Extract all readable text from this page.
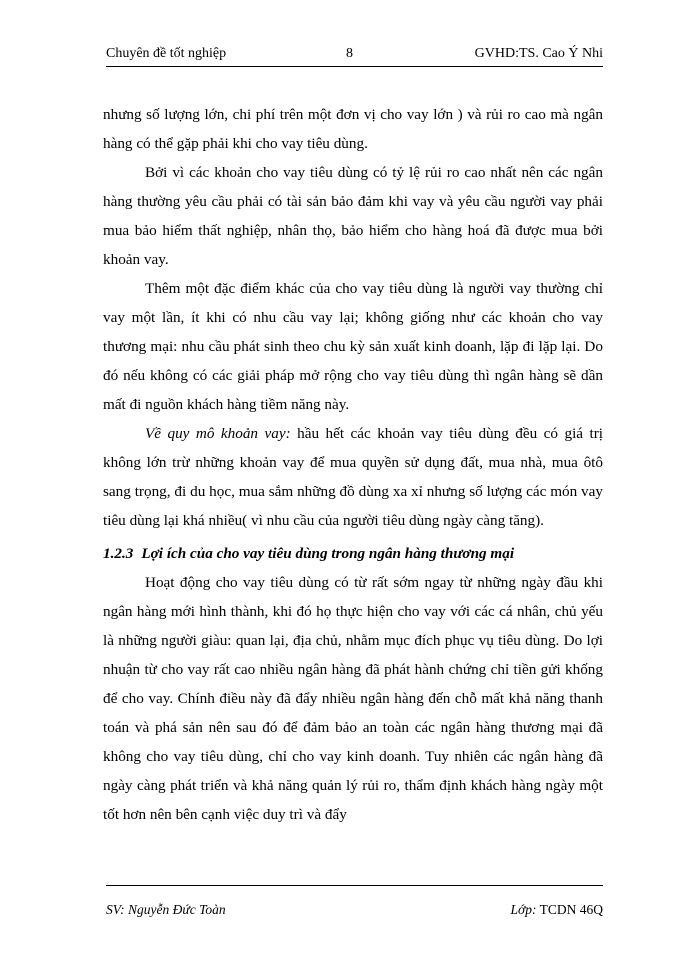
Chuyên đề tốt nghiệp	8	GVHD:TS. Cao Ý Nhi

nhưng số lượng lớn, chi phí trên một đơn vị cho vay lớn ) và rủi ro cao mà ngân hàng có thể gặp phải khi cho vay tiêu dùng.

Bởi vì các khoản cho vay tiêu dùng có tỷ lệ rủi ro cao nhất nên các ngân hàng thường yêu cầu phải có tài sản bảo đảm khi vay và yêu cầu người vay phải mua bảo hiểm thất nghiệp, nhân thọ, bảo hiểm cho hàng hoá đã được mua bởi khoản vay.

Thêm một đặc điểm khác của cho vay tiêu dùng là người vay thường chỉ vay một lần, ít khi có nhu cầu vay lại; không giống như các khoản cho vay thương mại: nhu cầu phát sinh theo chu kỳ sản xuất kinh doanh, lặp đi lặp lại. Do đó nếu không có các giải pháp mở rộng cho vay tiêu dùng thì ngân hàng sẽ dần mất đi nguồn khách hàng tiềm năng này.

Về quy mô khoản vay: hầu hết các khoản vay tiêu dùng đều có giá trị không lớn trừ những khoản vay để mua quyền sử dụng đất, mua nhà, mua ôtô sang trọng, đi du học, mua sắm những đồ dùng xa xỉ nhưng số lượng các món vay tiêu dùng lại khá nhiều( vì nhu cầu của người tiêu dùng ngày càng tăng).

1.2.3 Lợi ích của cho vay tiêu dùng trong ngân hàng thương mại

Hoạt động cho vay tiêu dùng có từ rất sớm ngay từ những ngày đầu khi ngân hàng mới hình thành, khi đó họ thực hiện cho vay với các cá nhân, chủ yếu là những người giàu: quan lại, địa chủ, nhằm mục đích phục vụ tiêu dùng. Do lợi nhuận từ cho vay rất cao nhiều ngân hàng đã phát hành chứng chỉ tiền gửi khống để cho vay. Chính điều này đã đẩy nhiều ngân hàng đến chỗ mất khả năng thanh toán và phá sản nên sau đó để đảm bảo an toàn các ngân hàng thương mại đã không cho vay tiêu dùng, chỉ cho vay kinh doanh. Tuy nhiên các ngân hàng đã ngày càng phát triển và khả năng quản lý rủi ro, thẩm định khách hàng ngày một tốt hơn nên bên cạnh việc duy trì và đẩy

SV: Nguyễn Đức Toàn	Lớp: TCDN 46Q
